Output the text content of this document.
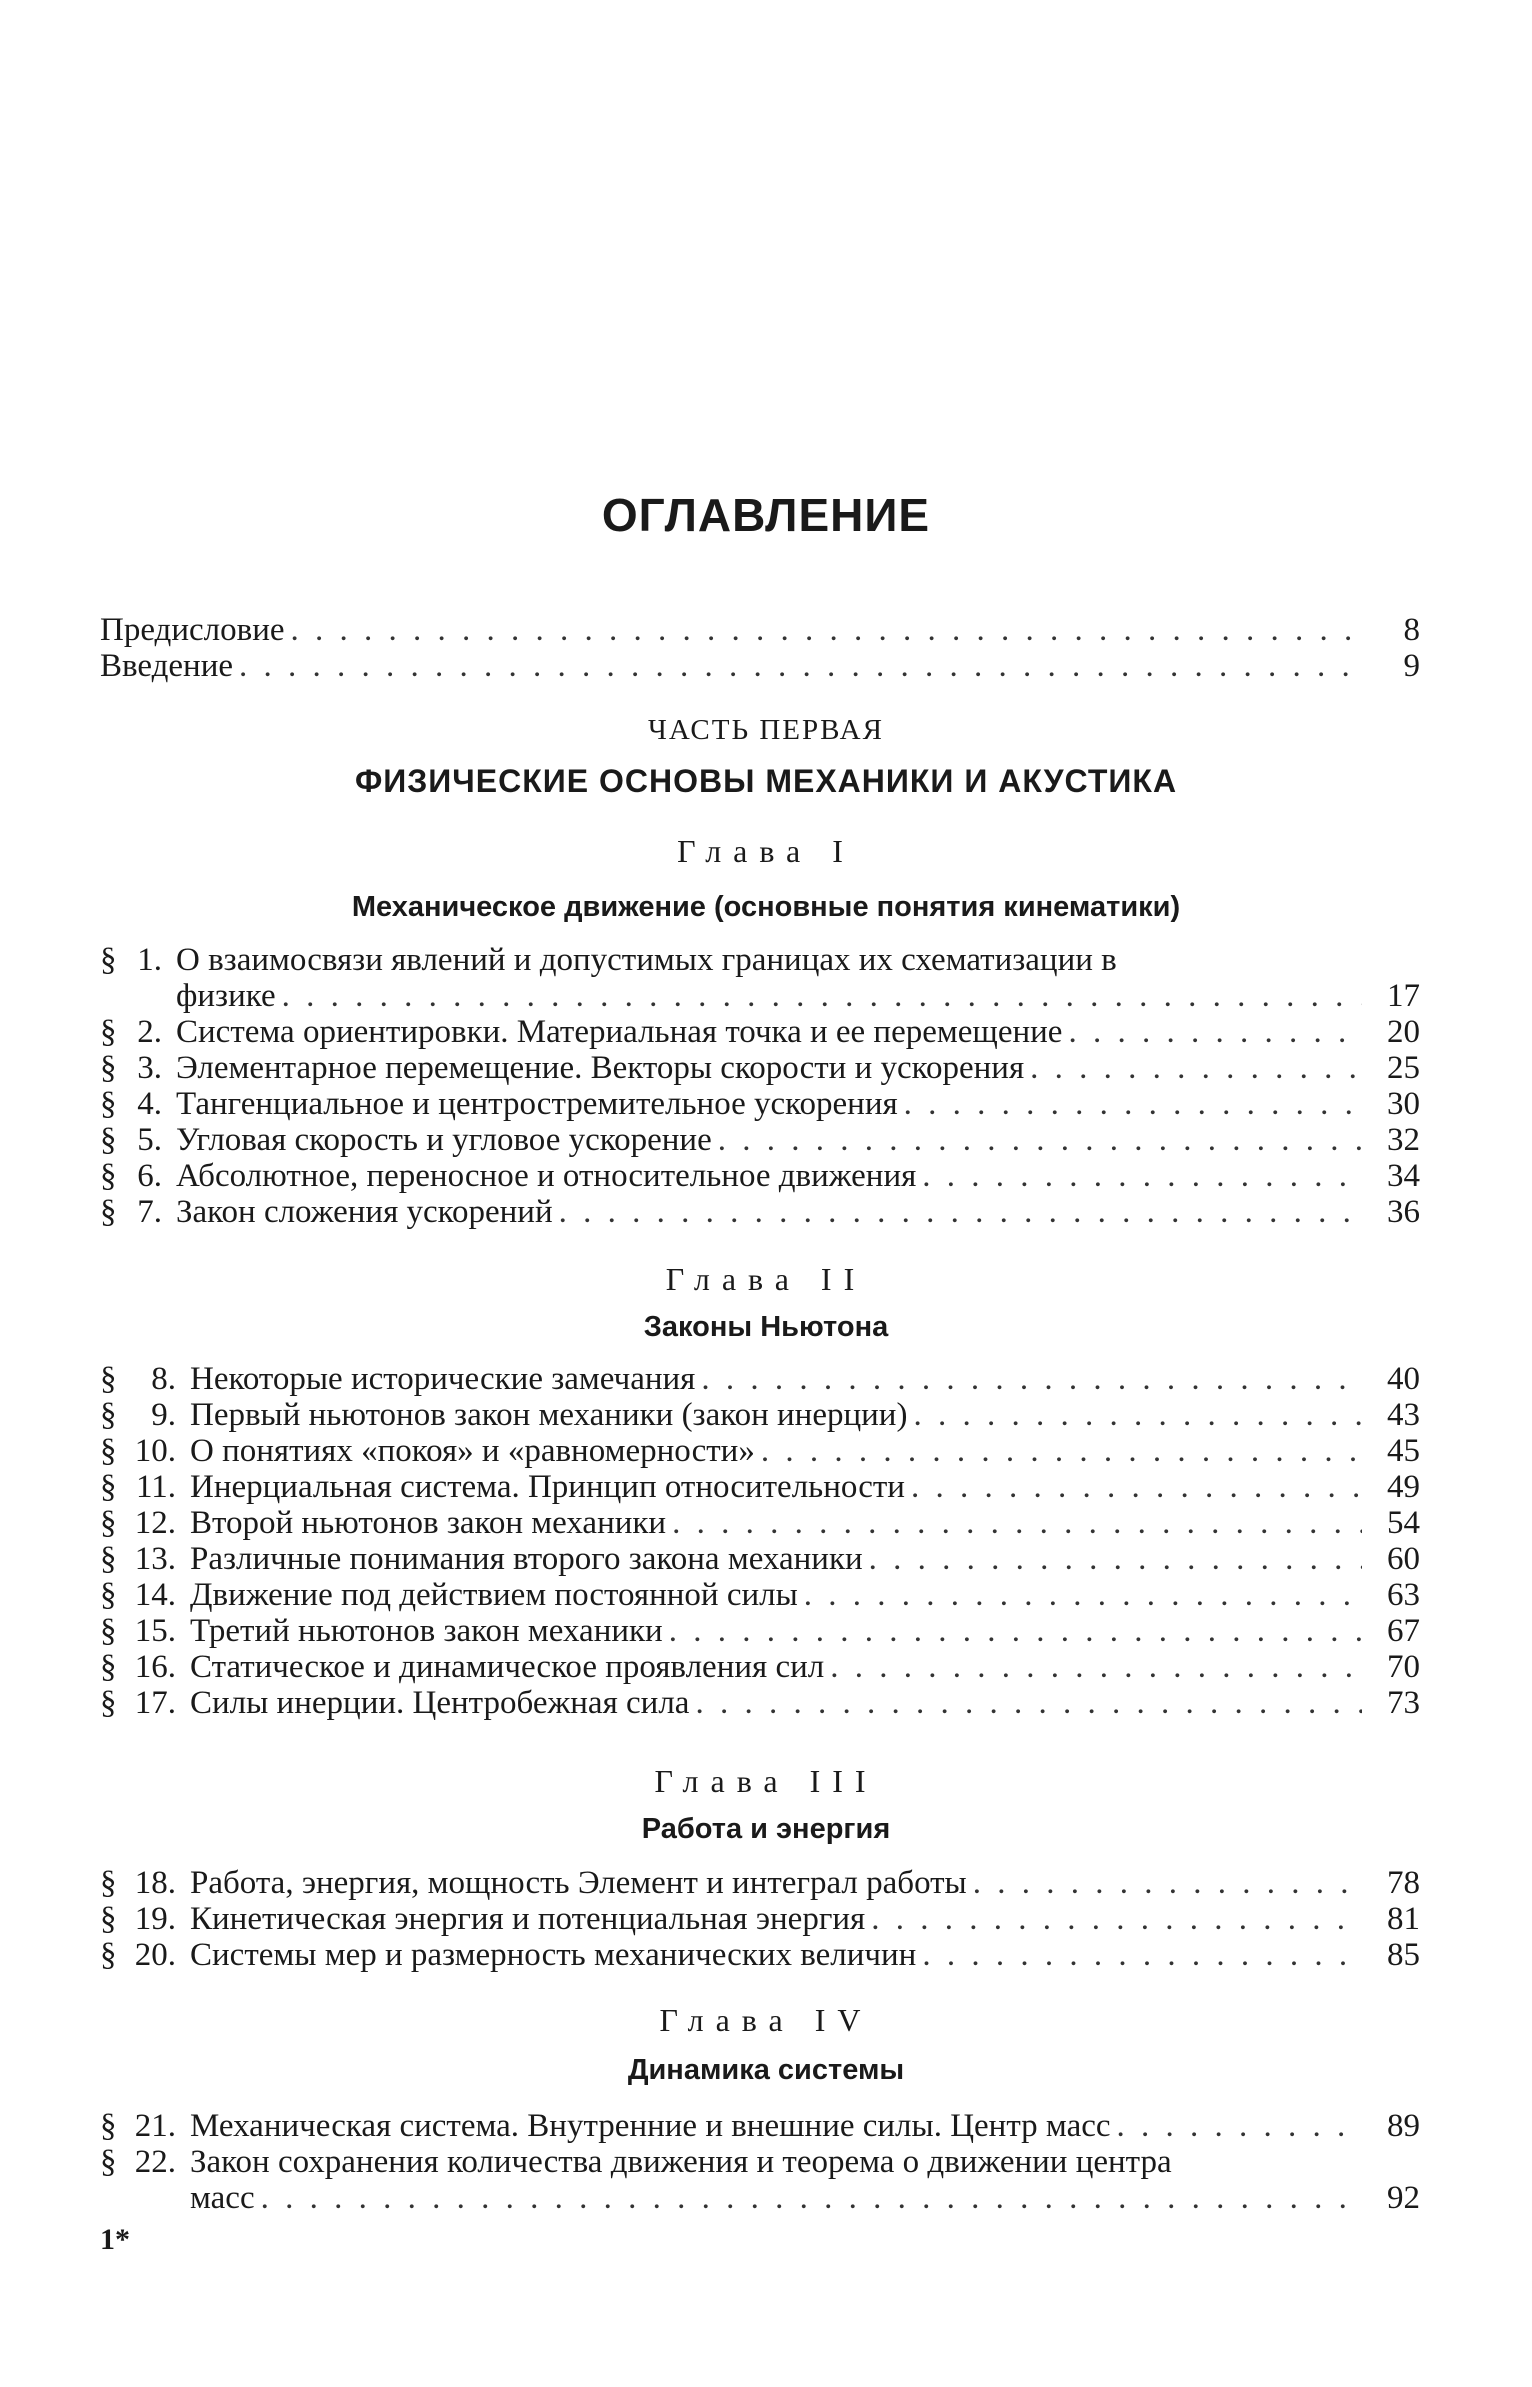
ОГЛАВЛЕНИЕ
Предисловие . . .	8
Введение . . .	9
ЧАСТЬ ПЕРВАЯ
ФИЗИЧЕСКИЕ ОСНОВЫ МЕХАНИКИ И АКУСТИКА
Глава I
Механическое движение (основные понятия кинематики)
§ 1. О взаимосвязи явлений и допустимых границах их схематизации в
физике . . .	17
§ 2. Система ориентировки. Материальная точка и ее перемещение . . .	20
§ 3. Элементарное перемещение. Векторы скорости и ускорения . . .	25
§ 4. Тангенциальное и центростремительное ускорения . . .	30
§ 5. Угловая скорость и угловое ускорение . . .	32
§ 6. Абсолютное, переносное и относительное движения . . .	34
§ 7. Закон сложения ускорений . . .	36
Глава II
Законы Ньютона
§	8. Некоторые исторические замечания . . .	40
§	9. Первый ньютонов закон механики (закон инерции) . . .	43
§ 10. О понятиях «покоя» и «равномерности» . . .	45
§ 11. Инерциальная система. Принцип относительности . . .	49
§ 12. Второй ньютонов закон механики . . .	54
§ 13. Различные понимания второго закона механики . . .	60
§ 14. Движение под действием постоянной силы . . .	63
§ 15. Третий ньютонов закон механики . . .	67
§ 16. Статическое и динамическое проявления сил . . .	70
§ 17. Силы инерции. Центробежная сила . . .	73
Глава III
Работа и энергия
§ 18. Работа, энергия, мощность Элемент и интеграл работы . . .	78
§ 19. Кинетическая энергия и потенциальная энергия . . .	81
§ 20. Системы мер и размерность механических величин . . .	85
Глава IV
Динамика системы
§ 21. Механическая система. Внутренние и внешние силы. Центр масс . . .	89
§ 22. Закон сохранения количества движения и теорема о движении центра
масс . . .	92
1*
